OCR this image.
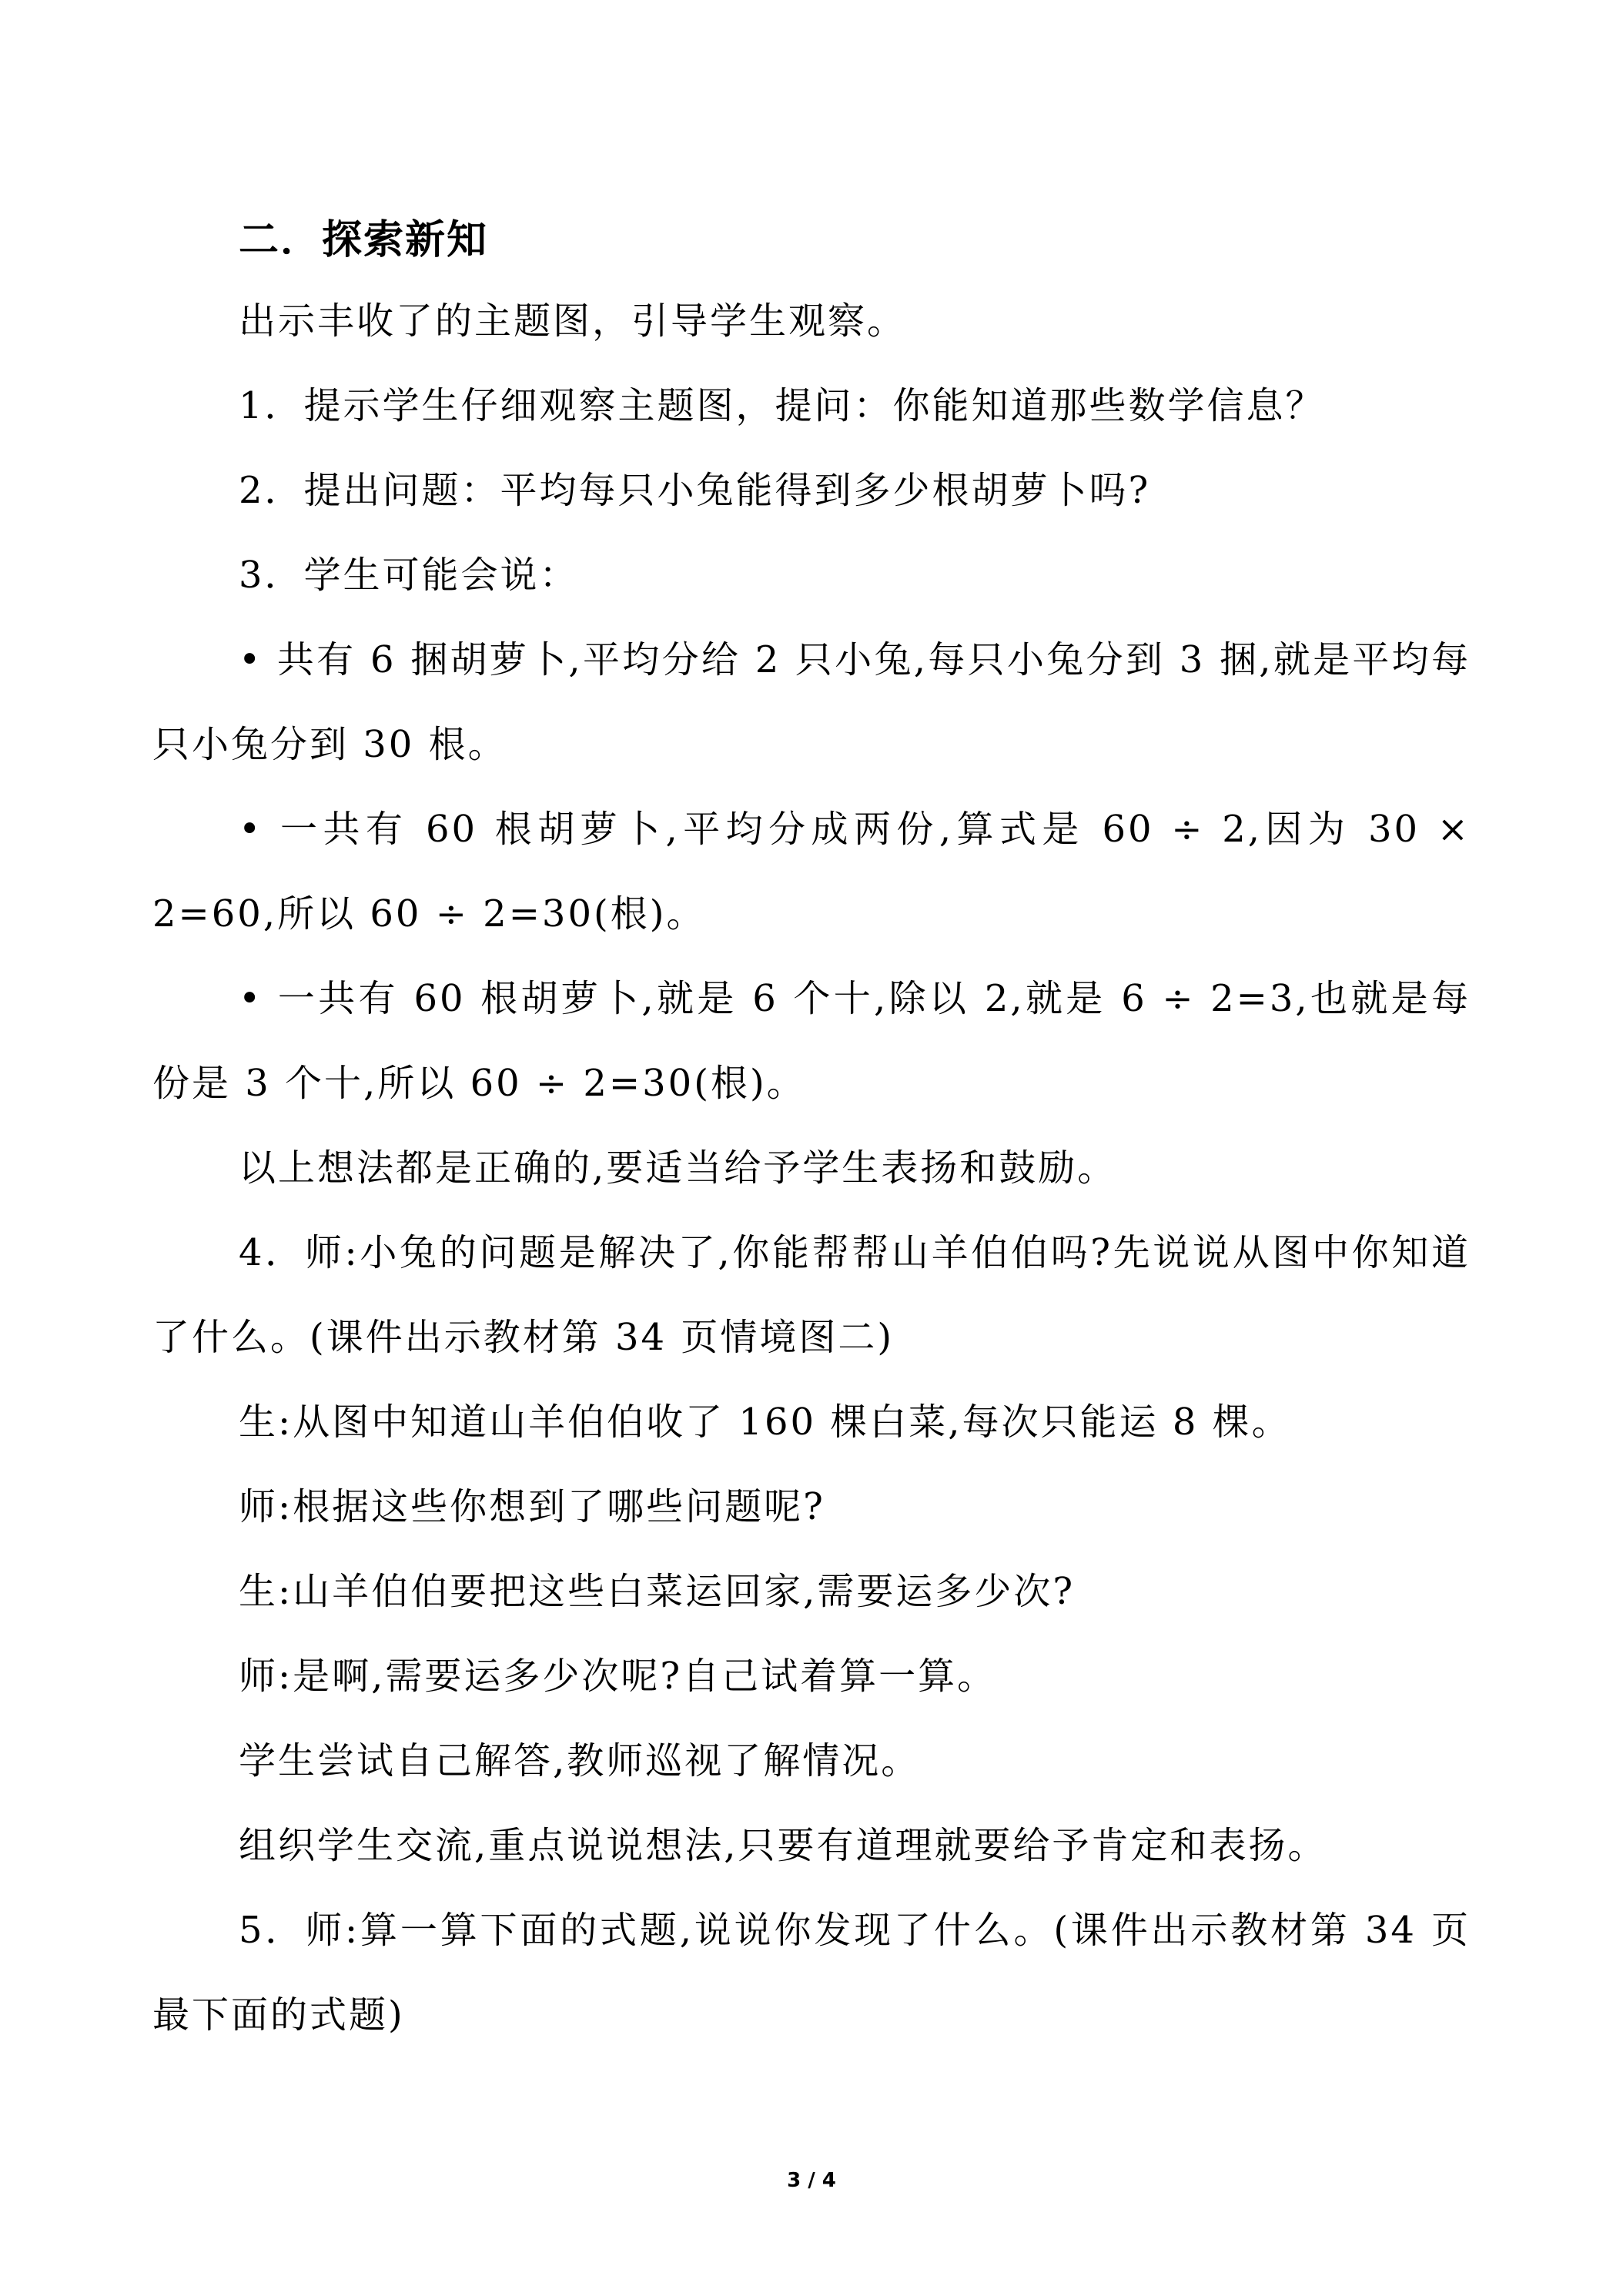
二．探索新知

出示丰收了的主题图，引导学生观察。

1．提示学生仔细观察主题图，提问：你能知道那些数学信息？

2．提出问题：平均每只小兔能得到多少根胡萝卜吗?

3．学生可能会说：

• 共有 6 捆胡萝卜,平均分给 2 只小兔,每只小兔分到 3 捆,就是平均每只小兔分到 30 根。

• 一共有 60 根胡萝卜,平均分成两份,算式是 60 ÷ 2,因为 30 × 2=60,所以 60 ÷ 2=30(根)。

• 一共有 60 根胡萝卜,就是 6 个十,除以 2,就是 6 ÷ 2=3,也就是每份是 3 个十,所以 60 ÷ 2=30(根)。

以上想法都是正确的,要适当给予学生表扬和鼓励。

4．师:小兔的问题是解决了,你能帮帮山羊伯伯吗?先说说从图中你知道了什么。(课件出示教材第 34 页情境图二)

生:从图中知道山羊伯伯收了 160 棵白菜,每次只能运 8 棵。

师:根据这些你想到了哪些问题呢?

生:山羊伯伯要把这些白菜运回家,需要运多少次?

师:是啊,需要运多少次呢?自己试着算一算。

学生尝试自己解答,教师巡视了解情况。

组织学生交流,重点说说想法,只要有道理就要给予肯定和表扬。

5．师:算一算下面的式题,说说你发现了什么。(课件出示教材第 34 页最下面的式题)

3 / 4
